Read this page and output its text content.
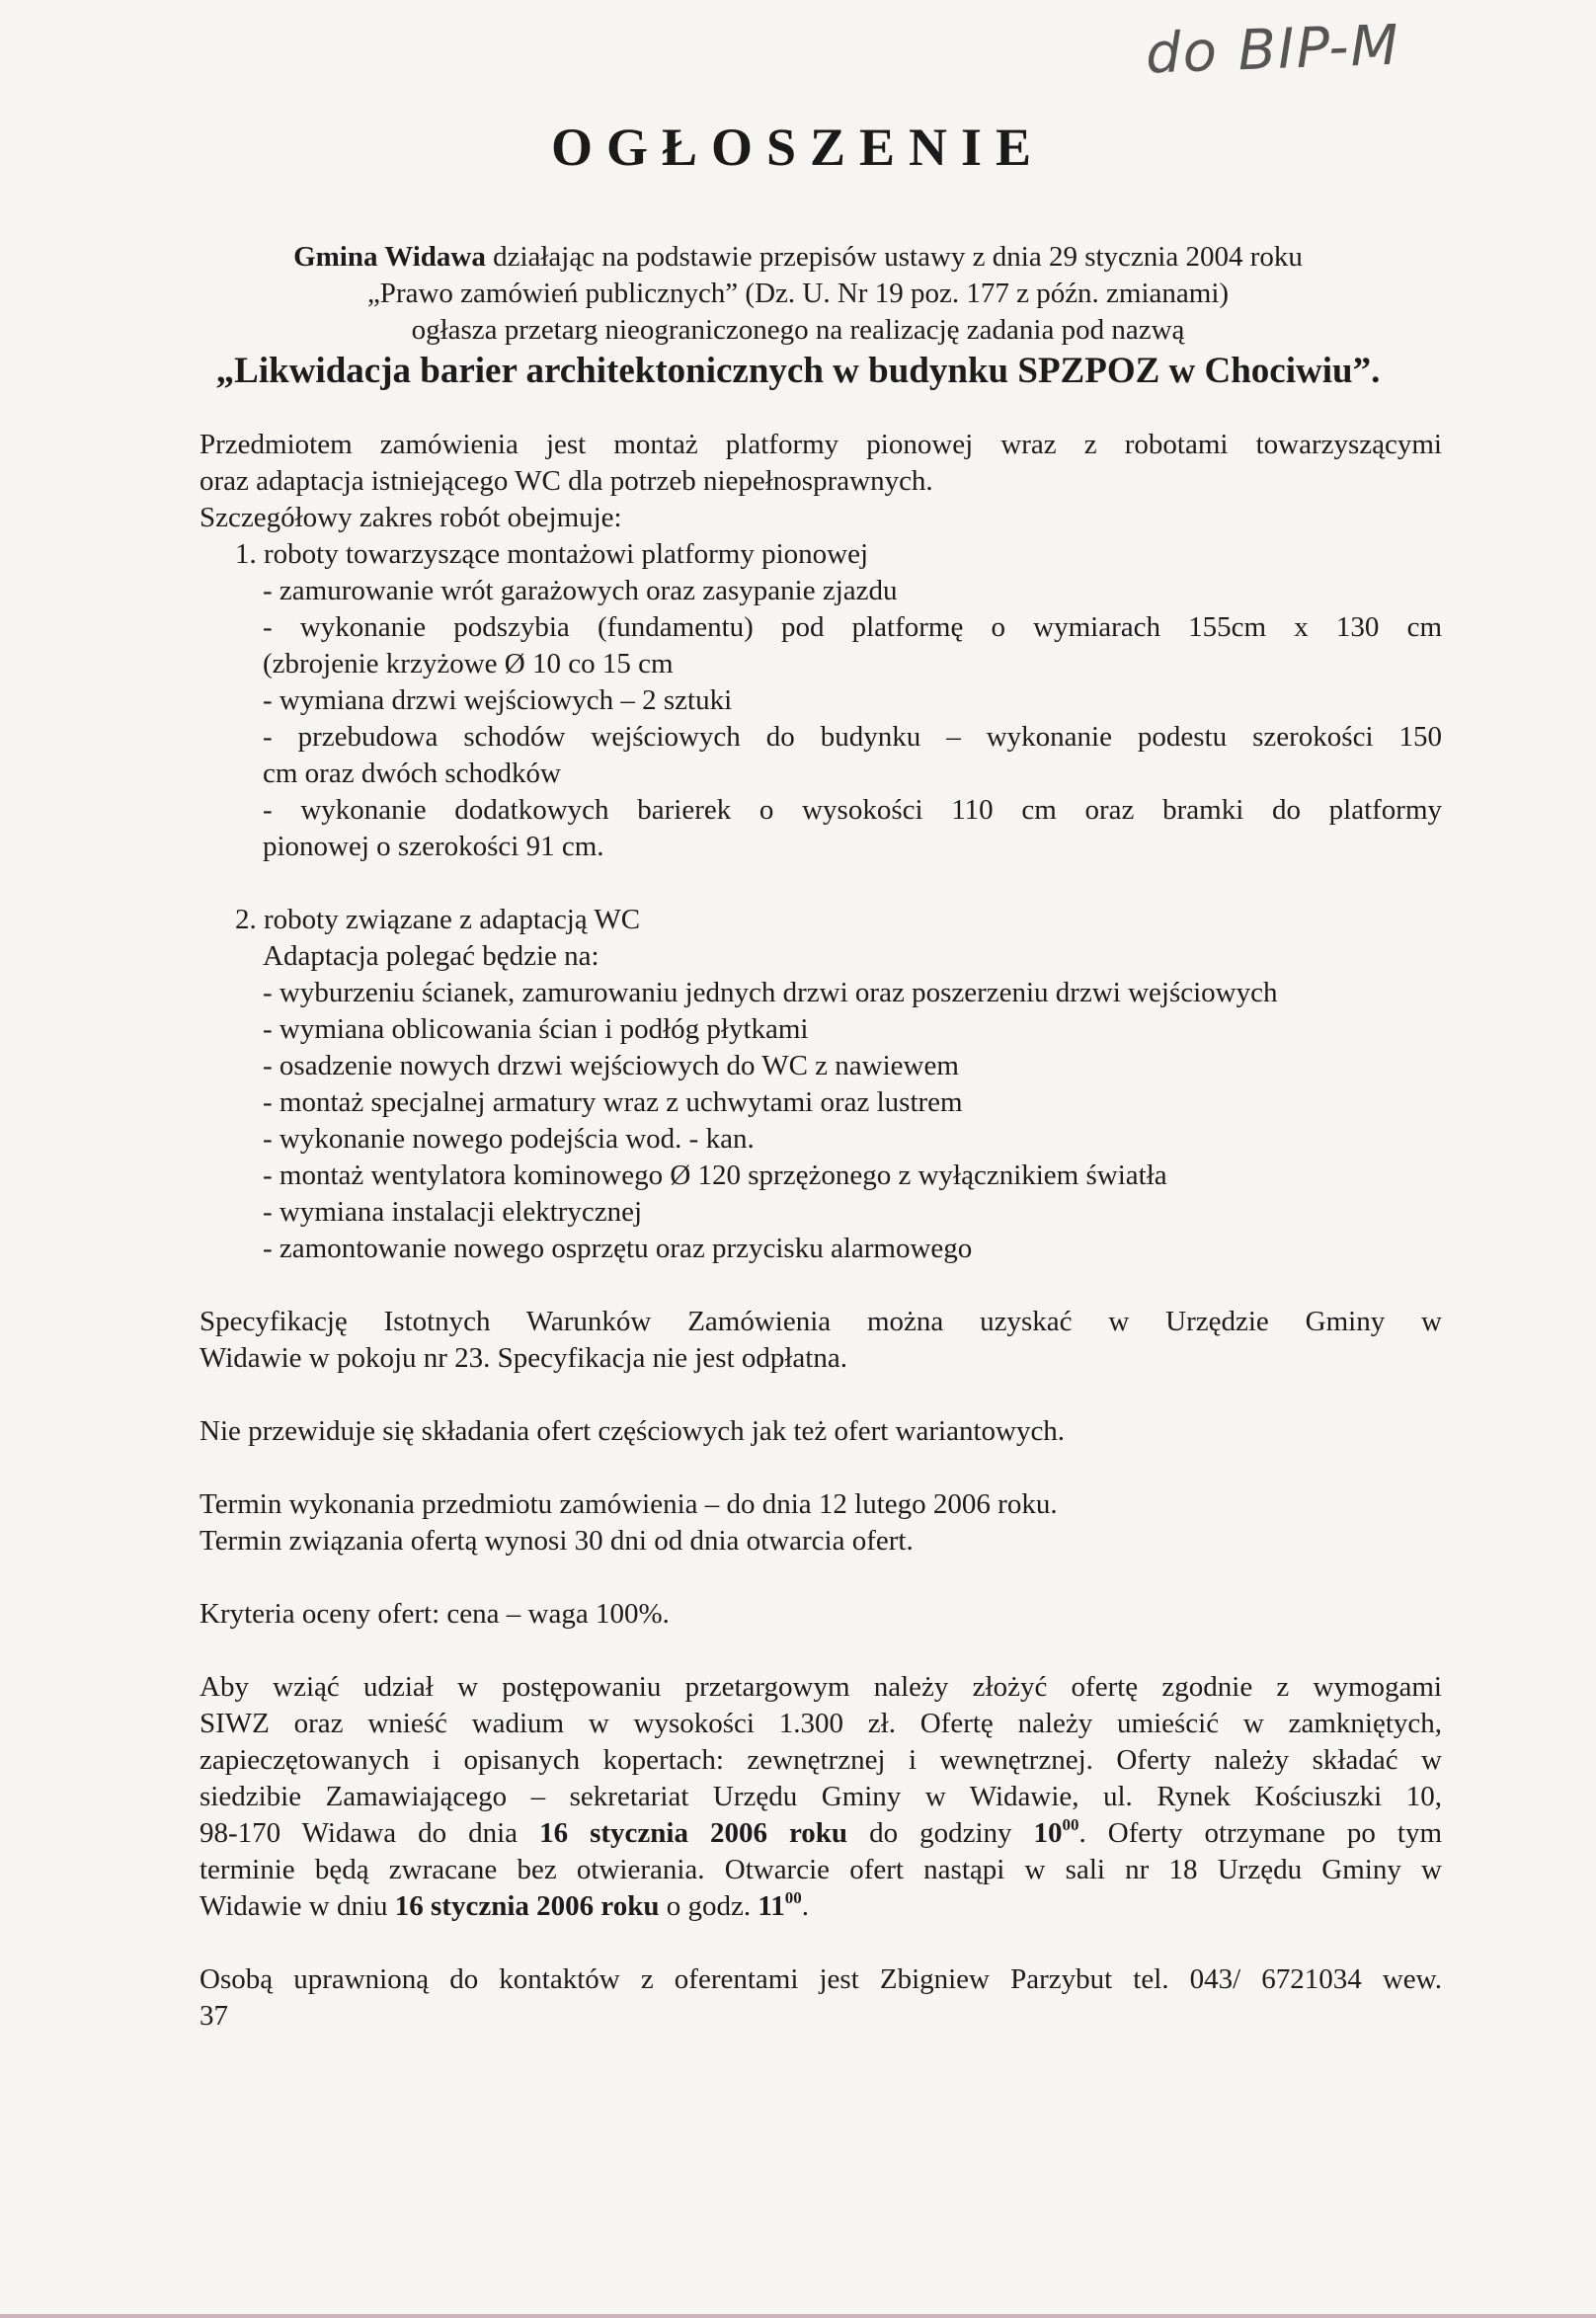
do BIP-M
OGŁOSZENIE
Gmina Widawa działając na podstawie przepisów ustawy z dnia 29 stycznia 2004 roku
„Prawo zamówień publicznych” (Dz. U. Nr 19 poz. 177 z późn. zmianami)
ogłasza przetarg nieograniczonego na realizację zadania pod nazwą
„Likwidacja barier architektonicznych w budynku SPZPOZ w Chociwiu”.
Przedmiotem zamówienia jest montaż platformy pionowej wraz z robotami towarzyszącymi
oraz adaptacja istniejącego WC dla potrzeb niepełnosprawnych.
Szczegółowy zakres robót obejmuje:
1. roboty towarzyszące montażowi platformy pionowej
- zamurowanie wrót garażowych oraz zasypanie zjazdu
- wykonanie podszybia (fundamentu) pod platformę o wymiarach 155cm x 130 cm
(zbrojenie krzyżowe Ø 10 co 15 cm
- wymiana drzwi wejściowych – 2 sztuki
- przebudowa schodów wejściowych do budynku – wykonanie podestu szerokości 150
cm oraz dwóch schodków
- wykonanie dodatkowych barierek o wysokości 110 cm oraz bramki do platformy
pionowej o szerokości 91 cm.
2. roboty związane z adaptacją WC
Adaptacja polegać będzie na:
- wyburzeniu ścianek, zamurowaniu jednych drzwi oraz poszerzeniu drzwi wejściowych
- wymiana oblicowania ścian i podłóg płytkami
- osadzenie nowych drzwi wejściowych do WC z nawiewem
- montaż specjalnej armatury wraz z uchwytami oraz lustrem
- wykonanie nowego podejścia wod. - kan.
- montaż wentylatora kominowego Ø 120 sprzężonego z wyłącznikiem światła
- wymiana instalacji elektrycznej
- zamontowanie nowego osprzętu oraz przycisku alarmowego
Specyfikację Istotnych Warunków Zamówienia można uzyskać w Urzędzie Gminy w
Widawie w pokoju nr 23. Specyfikacja nie jest odpłatna.
Nie przewiduje się składania ofert częściowych jak też ofert wariantowych.
Termin wykonania przedmiotu zamówienia – do dnia 12 lutego 2006 roku.
Termin związania ofertą wynosi 30 dni od dnia otwarcia ofert.
Kryteria oceny ofert: cena – waga 100%.
Aby wziąć udział w postępowaniu przetargowym należy złożyć ofertę zgodnie z wymogami
SIWZ oraz wnieść wadium w wysokości 1.300 zł. Ofertę należy umieścić w zamkniętych,
zapieczętowanych i opisanych kopertach: zewnętrznej i wewnętrznej. Oferty należy składać w
siedzibie Zamawiającego – sekretariat Urzędu Gminy w Widawie, ul. Rynek Kościuszki 10,
98-170 Widawa do dnia 16 stycznia 2006 roku do godziny $10^{00}$. Oferty otrzymane po tym
terminie będą zwracane bez otwierania. Otwarcie ofert nastąpi w sali nr 18 Urzędu Gminy w
Widawie w dniu 16 stycznia 2006 roku o godz. $11^{00}$.
Osobą uprawnioną do kontaktów z oferentami jest Zbigniew Parzybut tel. 043/ 6721034 wew.
37
